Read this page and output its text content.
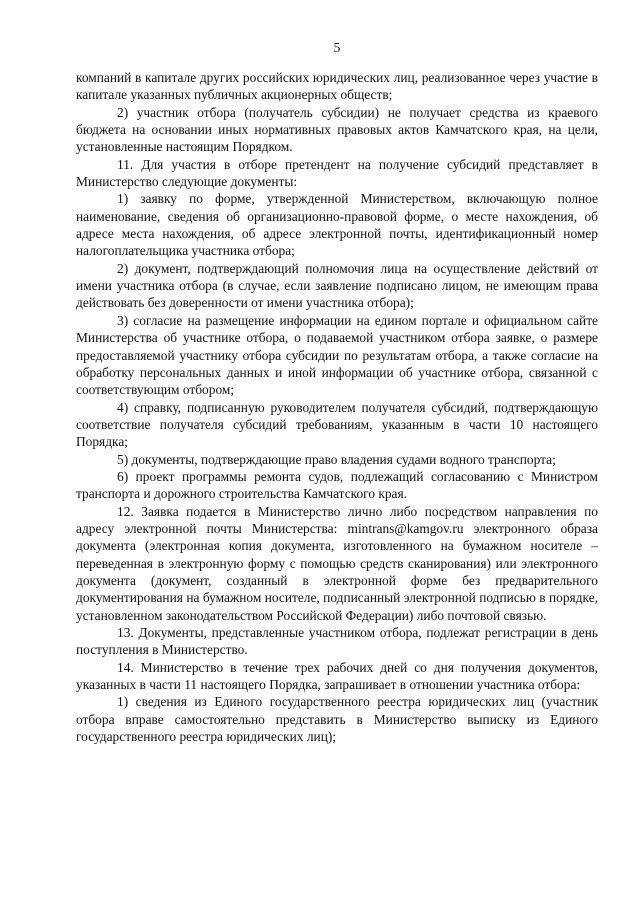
5

компаний в капитале других российских юридических лиц, реализованное через участие в капитале указанных публичных акционерных обществ;

2) участник отбора (получатель субсидии) не получает средства из краевого бюджета на основании иных нормативных правовых актов Камчатского края, на цели, установленные настоящим Порядком.

11. Для участия в отборе претендент на получение субсидий представляет в Министерство следующие документы:

1) заявку по форме, утвержденной Министерством, включающую полное наименование, сведения об организационно-правовой форме, о месте нахождения, об адресе места нахождения, об адресе электронной почты, идентификационный номер налогоплательщика участника отбора;

2) документ, подтверждающий полномочия лица на осуществление действий от имени участника отбора (в случае, если заявление подписано лицом, не имеющим права действовать без доверенности от имени участника отбора);

3) согласие на размещение информации на едином портале и официальном сайте Министерства об участнике отбора, о подаваемой участником отбора заявке, о размере предоставляемой участнику отбора субсидии по результатам отбора, а также согласие на обработку персональных данных и иной информации об участнике отбора, связанной с соответствующим отбором;

4) справку, подписанную руководителем получателя субсидий, подтверждающую соответствие получателя субсидий требованиям, указанным в части 10 настоящего Порядка;

5) документы, подтверждающие право владения судами водного транспорта;

6) проект программы ремонта судов, подлежащий согласованию с Министром транспорта и дорожного строительства Камчатского края.

12. Заявка подается в Министерство лично либо посредством направления по адресу электронной почты Министерства: mintrans@kamgov.ru электронного образа документа (электронная копия документа, изготовленного на бумажном носителе – переведенная в электронную форму с помощью средств сканирования) или электронного документа (документ, созданный в электронной форме без предварительного документирования на бумажном носителе, подписанный электронной подписью в порядке, установленном законодательством Российской Федерации) либо почтовой связью.

13. Документы, представленные участником отбора, подлежат регистрации в день поступления в Министерство.

14. Министерство в течение трех рабочих дней со дня получения документов, указанных в части 11 настоящего Порядка, запрашивает в отношении участника отбора:

1) сведения из Единого государственного реестра юридических лиц (участник отбора вправе самостоятельно представить в Министерство выписку из Единого государственного реестра юридических лиц);
